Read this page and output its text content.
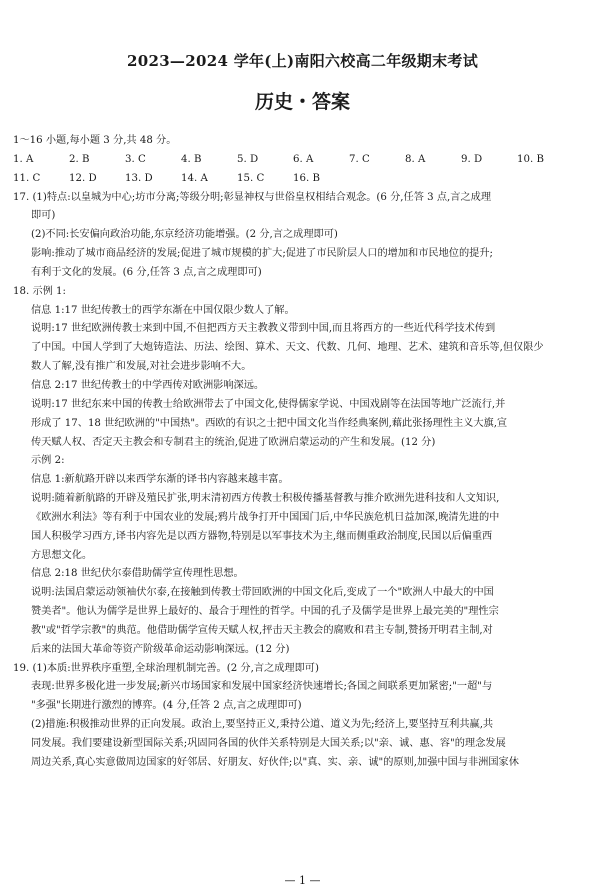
2023—2024 学年(上)南阳六校高二年级期末考试
历史・答案
1～16 小题,每小题 3 分,共 48 分。
1. A	2. B	3. C	4. B	5. D	6. A	7. C	8. A	9. D	10. B
11. C	12. D	13. D	14. A	15. C	16. B
17. (1)特点:以皇城为中心;坊市分离;等级分明;彰显神权与世俗皇权相结合观念。(6 分,任答 3 点,言之成理
即可)
(2)不同:长安偏向政治功能,东京经济功能增强。(2 分,言之成理即可)
影响:推动了城市商品经济的发展;促进了城市规模的扩大;促进了市民阶层人口的增加和市民地位的提升;
有利于文化的发展。(6 分,任答 3 点,言之成理即可)
18. 示例 1:
信息 1:17 世纪传教士的西学东渐在中国仅限少数人了解。
说明:17 世纪欧洲传教士来到中国,不但把西方天主教教义带到中国,而且将西方的一些近代科学技术传到
了中国。中国人学到了大炮铸造法、历法、绘图、算术、天文、代数、几何、地理、艺术、建筑和音乐等,但仅限少
数人了解,没有推广和发展,对社会进步影响不大。
信息 2:17 世纪传教士的中学西传对欧洲影响深远。
说明:17 世纪东来中国的传教士给欧洲带去了中国文化,使得儒家学说、中国戏剧等在法国等地广泛流行,并
形成了 17、18 世纪欧洲的"中国热"。西欧的有识之士把中国文化当作经典案例,藉此张扬理性主义大旗,宣
传天赋人权、否定天主教会和专制君主的统治,促进了欧洲启蒙运动的产生和发展。(12 分)
示例 2:
信息 1:新航路开辟以来西学东渐的译书内容越来越丰富。
说明:随着新航路的开辟及殖民扩张,明末清初西方传教士积极传播基督教与推介欧洲先进科技和人文知识,
《欧洲水利法》等有利于中国农业的发展;鸦片战争打开中国国门后,中华民族危机日益加深,晚清先进的中
国人积极学习西方,译书内容先是以西方器物,特别是以军事技术为主,继而侧重政治制度,民国以后偏重西
方思想文化。
信息 2:18 世纪伏尔泰借助儒学宣传理性思想。
说明:法国启蒙运动领袖伏尔泰,在接触到传教士带回欧洲的中国文化后,变成了一个"欧洲人中最大的中国
赞美者"。他认为儒学是世界上最好的、最合于理性的哲学。中国的孔子及儒学是世界上最完美的"理性宗
教"或"哲学宗教"的典范。他借助儒学宣传天赋人权,抨击天主教会的腐败和君主专制,赞扬开明君主制,对
后来的法国大革命等资产阶级革命运动影响深远。(12 分)
19. (1)本质:世界秩序重塑,全球治理机制完善。(2 分,言之成理即可)
表现:世界多极化进一步发展;新兴市场国家和发展中国家经济快速增长;各国之间联系更加紧密;"一超"与
"多强"长期进行激烈的博弈。(4 分,任答 2 点,言之成理即可)
(2)措施:积极推动世界的正向发展。政治上,要坚持正义,秉持公道、道义为先;经济上,要坚持互利共赢,共
同发展。我们要建设新型国际关系;巩固同各国的伙伴关系特别是大国关系;以"亲、诚、惠、容"的理念发展
周边关系,真心实意做周边国家的好邻居、好朋友、好伙伴;以"真、实、亲、诚"的原则,加强中国与非洲国家休
— 1 —
